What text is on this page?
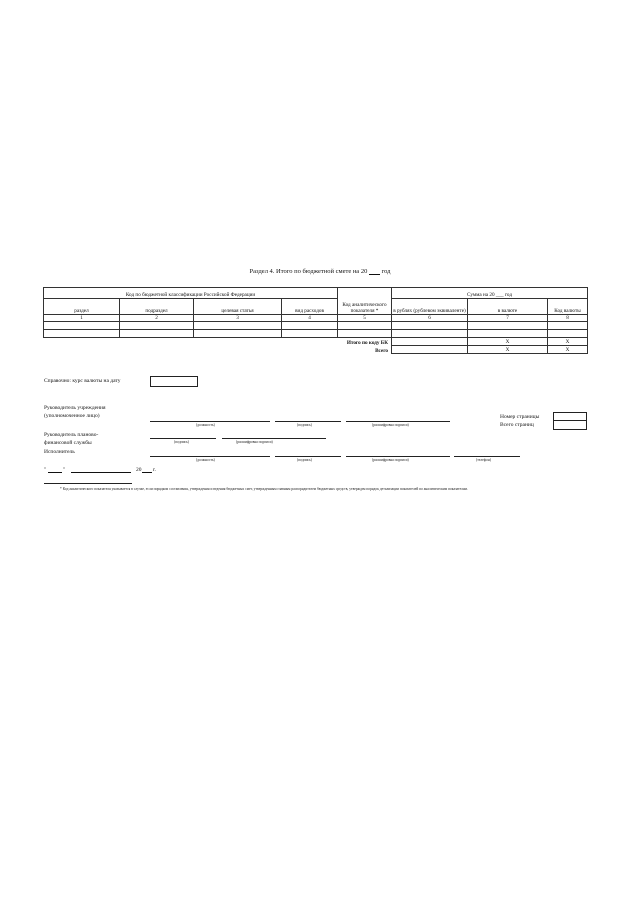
Раздел 4. Итого по бюджетной смете на 20 год
Код по бюджетной классификации Российской Федерации				Код аналитического показателя *	Сумма на 20 ___ год		
раздел	подраздел	целевая статья	вид расходов		в рублях (рублевом эквиваленте)	в валюте	Код валюты
1	2	3	4	5	6	7	8

Итого по коду БК						Х	Х
Всего						Х	Х
Справочно: курс валюты на дату
Руководитель учреждения
(уполномоченное лицо)
(должность)	(подпись)	(расшифровка подписи)
Номер страницы
Всего страниц
Руководитель планово-
финансовой службы	(подпись)	(расшифровка подписи)
Исполнитель
(должность)	(подпись)	(расшифровка подписи)	(телефон)
"	"	20 г.
* Код аналитического показателя указывается в случае, если порядком составления, утверждения и ведения бюджетных смет, утвержденным главным распорядителем бюджетных средств, утвержден порядок детализации показателей по аналитическим показателям.
